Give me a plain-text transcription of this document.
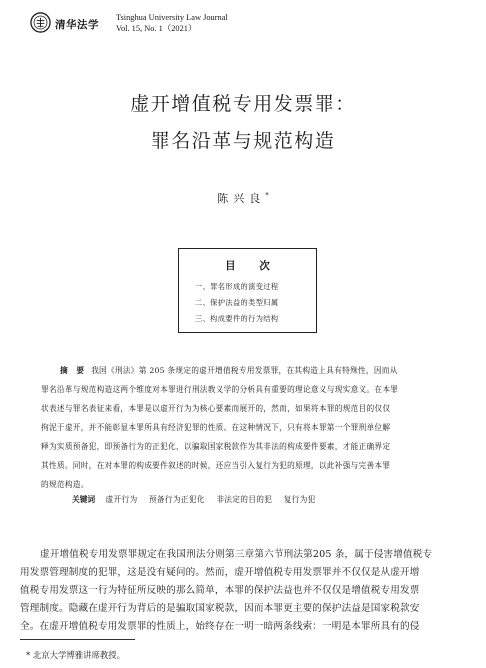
清华法学
Tsinghua University Law Journal
Vol. 15, No. 1（2021）
虚开增值税专用发票罪：
罪名沿革与规范构造
陈兴良*
目 次
一、罪名形成的演变过程
二、保护法益的类型归属
三、构成要件的行为结构
摘 要 我国《刑法》第 205 条规定的虚开增值税专用发票罪，在其构造上具有特殊性，因而从
罪名沿革与规范构造这两个维度对本罪进行刑法教义学的分析具有重要的理论意义与现实意义。在本罪
状表述与罪名表征来看，本罪是以虚开行为为核心要素而展开的，然而，如果将本罪的规范目的仅仅
拘泥于虚开，并不能彰显本罪所具有经济犯罪的性质。在这种情况下，只有将本罪第一个罪刑单位解
释为实质预备犯，即预备行为的正犯化，以骗取国家税款作为其非法的构成要件要素，才能正确界定
其性质。同时，在对本罪的构成要件叙述的时候，还应当引入复行为犯的原理，以此补强与完善本罪
的规范构造。
关键词 虚开行为 预备行为正犯化 非法定的目的犯 复行为犯
虚开增值税专用发票罪规定在我国刑法分则第三章第六节刑法第205 条，属于侵害增值税专
用发票管理制度的犯罪，这是没有疑问的。然而，虚开增值税专用发票罪并不仅仅是从虚开增
值税专用发票这一行为特征所反映的那么简单，本罪的保护法益也并不仅仅是增值税专用发票
管理制度。隐藏在虚开行为背后的是骗取国家税款，因而本罪更主要的保护法益是国家税款安
全。在虚开增值税专用发票罪的性质上，始终存在一明一暗两条线索：一明是本罪所具有的侵
* 北京大学博雅讲席教授。
